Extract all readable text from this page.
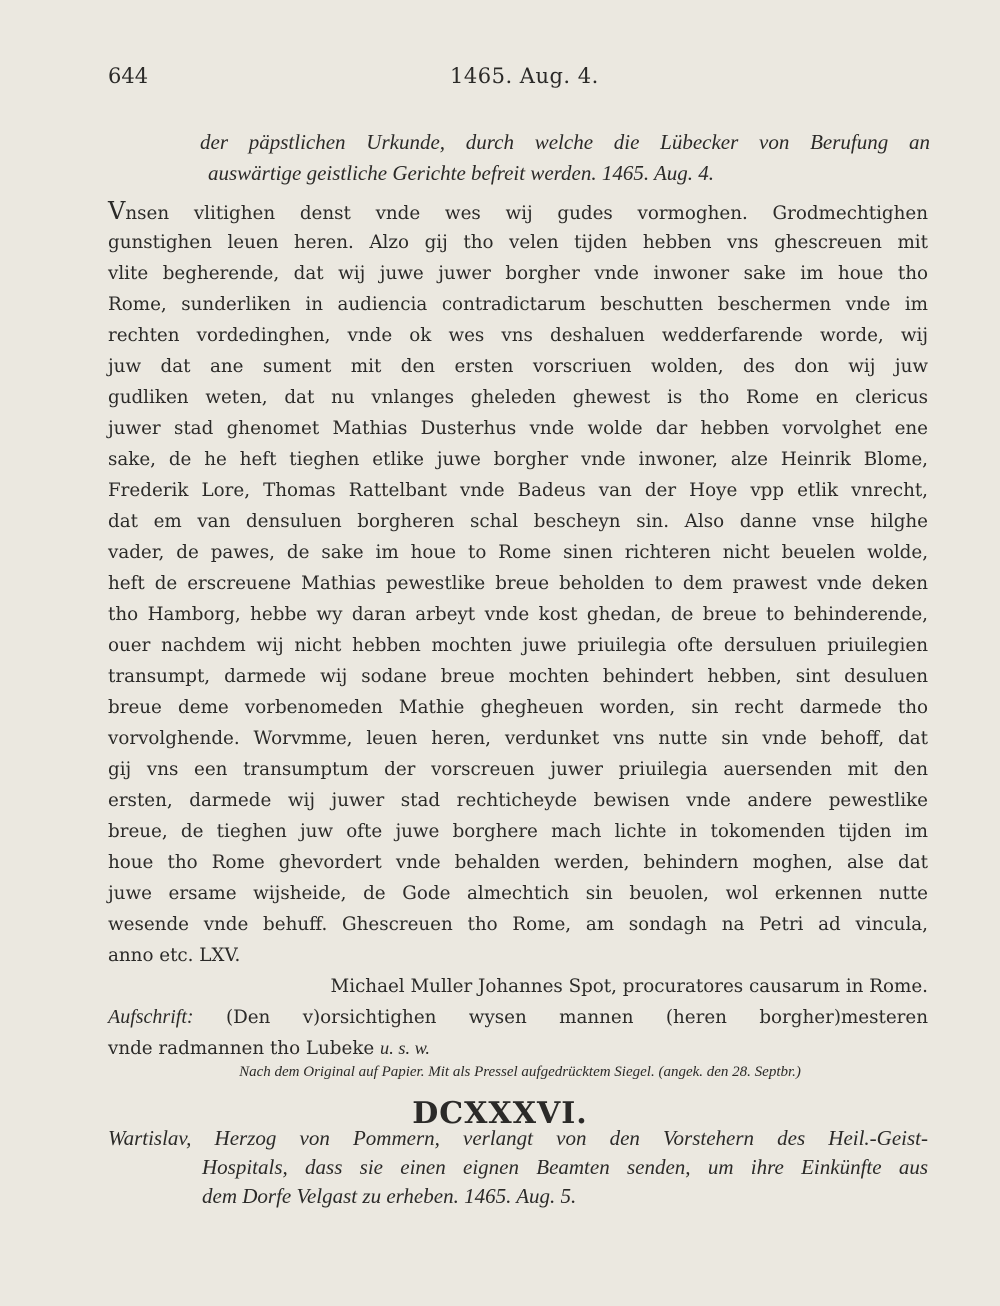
644	1465. Aug. 4.
der päpstlichen Urkunde, durch welche die Lübecker von Berufung an
auswärtige geistliche Gerichte befreit werden. 1465. Aug. 4.
Vnsen vlitighen denst vnde wes wij gudes vormoghen. Grodmechtighen
gunstighen leuen heren. Alzo gij tho velen tijden hebben vns ghescreuen mit
vlite begherende, dat wij juwe juwer borgher vnde inwoner sake im houe tho
Rome, sunderliken in audiencia contradictarum beschutten beschermen vnde im
rechten vordedinghen, vnde ok wes vns deshaluen wedderfarende worde, wij
juw dat ane sument mit den ersten vorscriuen wolden, des don wij juw
gudliken weten, dat nu vnlanges gheleden ghewest is tho Rome en clericus
juwer stad ghenomet Mathias Dusterhus vnde wolde dar hebben vorvolghet ene
sake, de he heft tieghen etlike juwe borgher vnde inwoner, alze Heinrik Blome,
Frederik Lore, Thomas Rattelbant vnde Badeus van der Hoye vpp etlik vnrecht,
dat em van densuluen borgheren schal bescheyn sin. Also danne vnse hilghe
vader, de pawes, de sake im houe to Rome sinen richteren nicht beuelen wolde,
heft de erscreuene Mathias pewestlike breue beholden to dem prawest vnde deken
tho Hamborg, hebbe wy daran arbeyt vnde kost ghedan, de breue to behinderende,
ouer nachdem wij nicht hebben mochten juwe priuilegia ofte dersuluen priuilegien
transumpt, darmede wij sodane breue mochten behindert hebben, sint desuluen
breue deme vorbenomeden Mathie ghegheuen worden, sin recht darmede tho
vorvolghende. Worvmme, leuen heren, verdunket vns nutte sin vnde behoff, dat
gij vns een transumptum der vorscreuen juwer priuilegia auersenden mit den
ersten, darmede wij juwer stad rechticheyde bewisen vnde andere pewestlike
breue, de tieghen juw ofte juwe borghere mach lichte in tokomenden tijden im
houe tho Rome ghevordert vnde behalden werden, behindern moghen, alse dat
juwe ersame wijsheide, de Gode almechtich sin beuolen, wol erkennen nutte
wesende vnde behuff. Ghescreuen tho Rome, am sondagh na Petri ad vincula,
anno etc. LXV.
Michael Muller Johannes Spot, procuratores causarum in Rome.
Aufschrift: (Den v)orsichtighen wysen mannen (heren borgher)mesteren
vnde radmannen tho Lubeke u. s. w.
Nach dem Original auf Papier. Mit als Pressel aufgedrücktem Siegel. (angek. den 28. Septbr.)
DCXXXVI.
Wartislav, Herzog von Pommern, verlangt von den Vorstehern des Heil.-Geist-
Hospitals, dass sie einen eignen Beamten senden, um ihre Einkünfte aus
dem Dorfe Velgast zu erheben. 1465. Aug. 5.
